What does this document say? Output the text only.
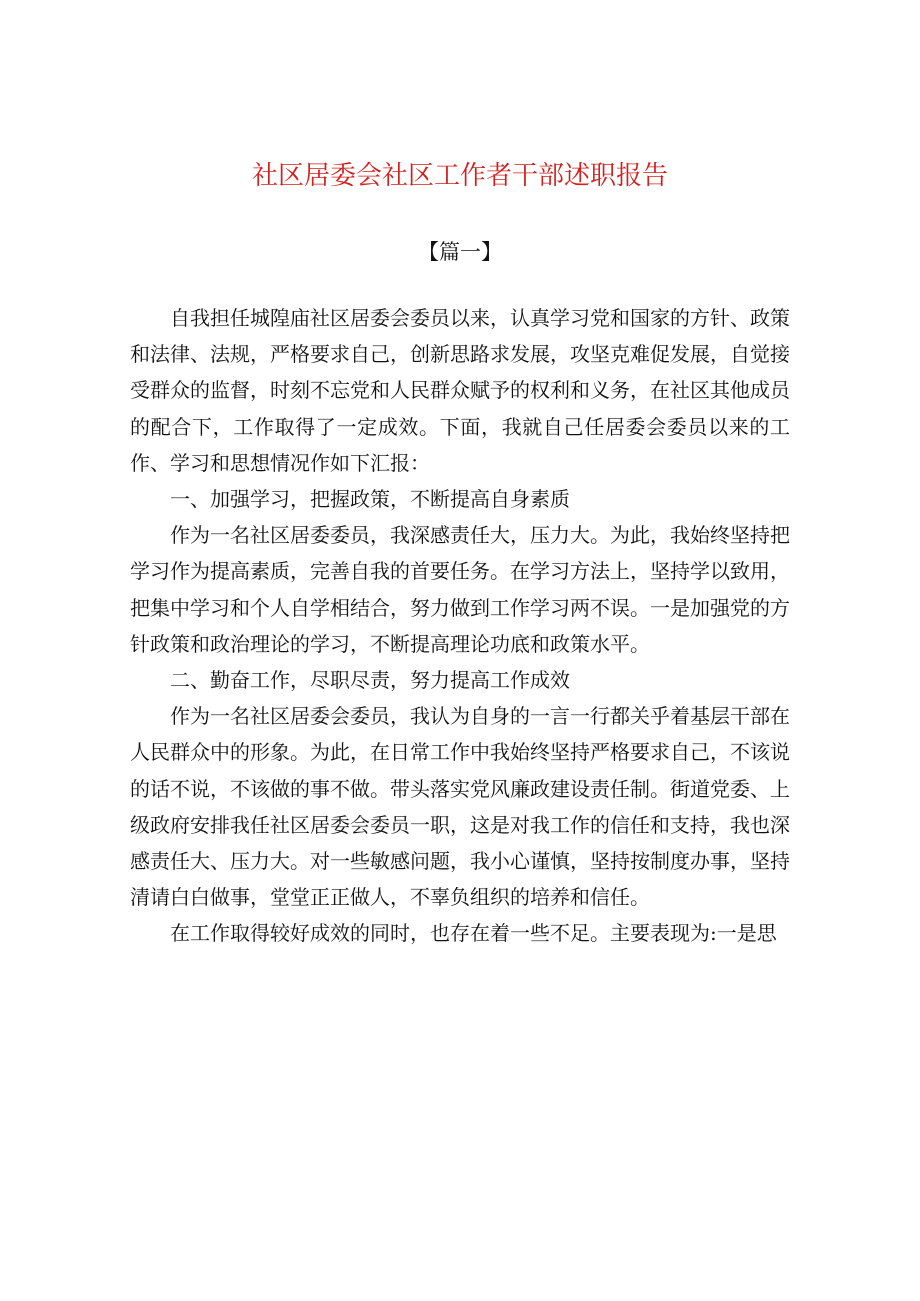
社区居委会社区工作者干部述职报告
【篇一】

自我担任城隍庙社区居委会委员以来，认真学习党和国家的方针、政策和法律、法规，严格要求自己，创新思路求发展，攻坚克难促发展，自觉接受群众的监督，时刻不忘党和人民群众赋予的权利和义务，在社区其他成员的配合下，工作取得了一定成效。下面，我就自己任居委会委员以来的工作、学习和思想情况作如下汇报：

一、加强学习，把握政策，不断提高自身素质

作为一名社区居委委员，我深感责任大，压力大。为此，我始终坚持把学习作为提高素质，完善自我的首要任务。在学习方法上，坚持学以致用，把集中学习和个人自学相结合，努力做到工作学习两不误。一是加强党的方针政策和政治理论的学习，不断提高理论功底和政策水平。

二、勤奋工作，尽职尽责，努力提高工作成效

作为一名社区居委会委员，我认为自身的一言一行都关乎着基层干部在人民群众中的形象。为此，在日常工作中我始终坚持严格要求自己，不该说的话不说，不该做的事不做。带头落实党风廉政建设责任制。街道党委、上级政府安排我任社区居委会委员一职，这是对我工作的信任和支持，我也深感责任大、压力大。对一些敏感问题，我小心谨慎，坚持按制度办事，坚持清请白白做事，堂堂正正做人，不辜负组织的培养和信任。

在工作取得较好成效的同时，也存在着一些不足。主要表现为:一是思
